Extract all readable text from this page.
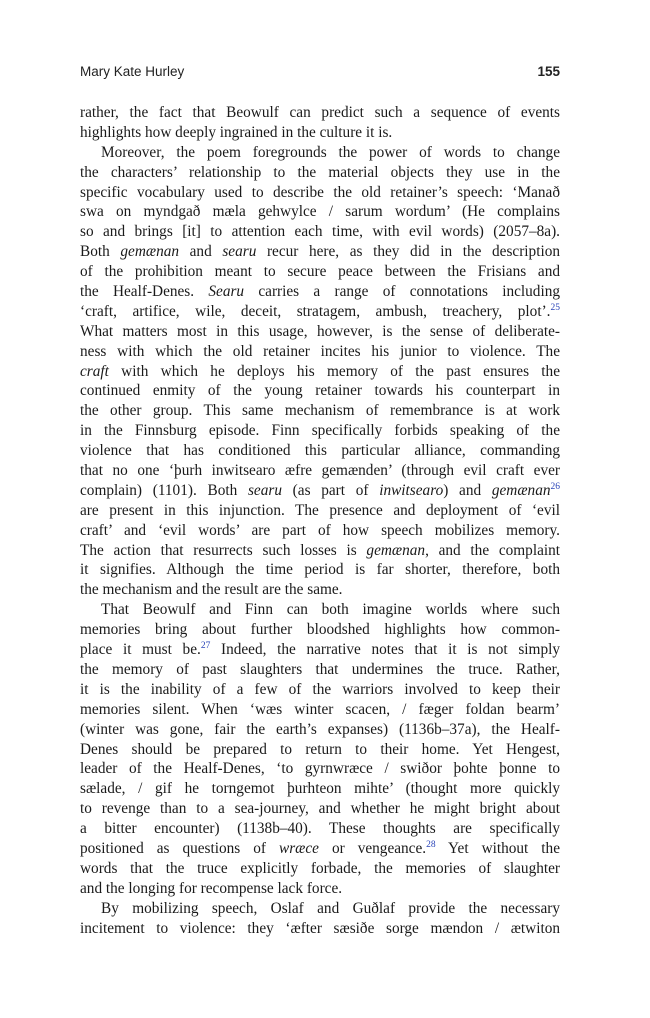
Mary Kate Hurley	155
rather, the fact that Beowulf can predict such a sequence of events
highlights how deeply ingrained in the culture it is.
Moreover, the poem foregrounds the power of words to change
the characters’ relationship to the material objects they use in the
specific vocabulary used to describe the old retainer’s speech: ‘Manað
swa on myndgað mæla gehwylce / sarum wordum’ (He complains
so and brings [it] to attention each time, with evil words) (2057–8a).
Both gemænan and searu recur here, as they did in the description
of the prohibition meant to secure peace between the Frisians and
the Healf-Denes. Searu carries a range of connotations including
‘craft, artifice, wile, deceit, stratagem, ambush, treachery, plot’.$^{25}$
What matters most in this usage, however, is the sense of deliberate-
ness with which the old retainer incites his junior to violence. The
craft with which he deploys his memory of the past ensures the
continued enmity of the young retainer towards his counterpart in
the other group. This same mechanism of remembrance is at work
in the Finnsburg episode. Finn specifically forbids speaking of the
violence that has conditioned this particular alliance, commanding
that no one ‘þurh inwitsearo æfre gemænden’ (through evil craft ever
complain) (1101). Both searu (as part of inwitsearo) and gemænan$^{26}$
are present in this injunction. The presence and deployment of ‘evil
craft’ and ‘evil words’ are part of how speech mobilizes memory.
The action that resurrects such losses is gemænan, and the complaint
it signifies. Although the time period is far shorter, therefore, both
the mechanism and the result are the same.
That Beowulf and Finn can both imagine worlds where such
memories bring about further bloodshed highlights how common-
place it must be.$^{27}$ Indeed, the narrative notes that it is not simply
the memory of past slaughters that undermines the truce. Rather,
it is the inability of a few of the warriors involved to keep their
memories silent. When ‘wæs winter scacen, / fæger foldan bearm’
(winter was gone, fair the earth’s expanses) (1136b–37a), the Healf-
Denes should be prepared to return to their home. Yet Hengest,
leader of the Healf-Denes, ‘to gyrnwræce / swiðor þohte þonne to
sælade, / gif he torngemot þurhteon mihte’ (thought more quickly
to revenge than to a sea-journey, and whether he might bright about
a bitter encounter) (1138b–40). These thoughts are specifically
positioned as questions of wræce or vengeance.$^{28}$ Yet without the
words that the truce explicitly forbade, the memories of slaughter
and the longing for recompense lack force.
By mobilizing speech, Oslaf and Guðlaf provide the necessary
incitement to violence: they ‘æfter sæsiðe sorge mændon / ætwiton
